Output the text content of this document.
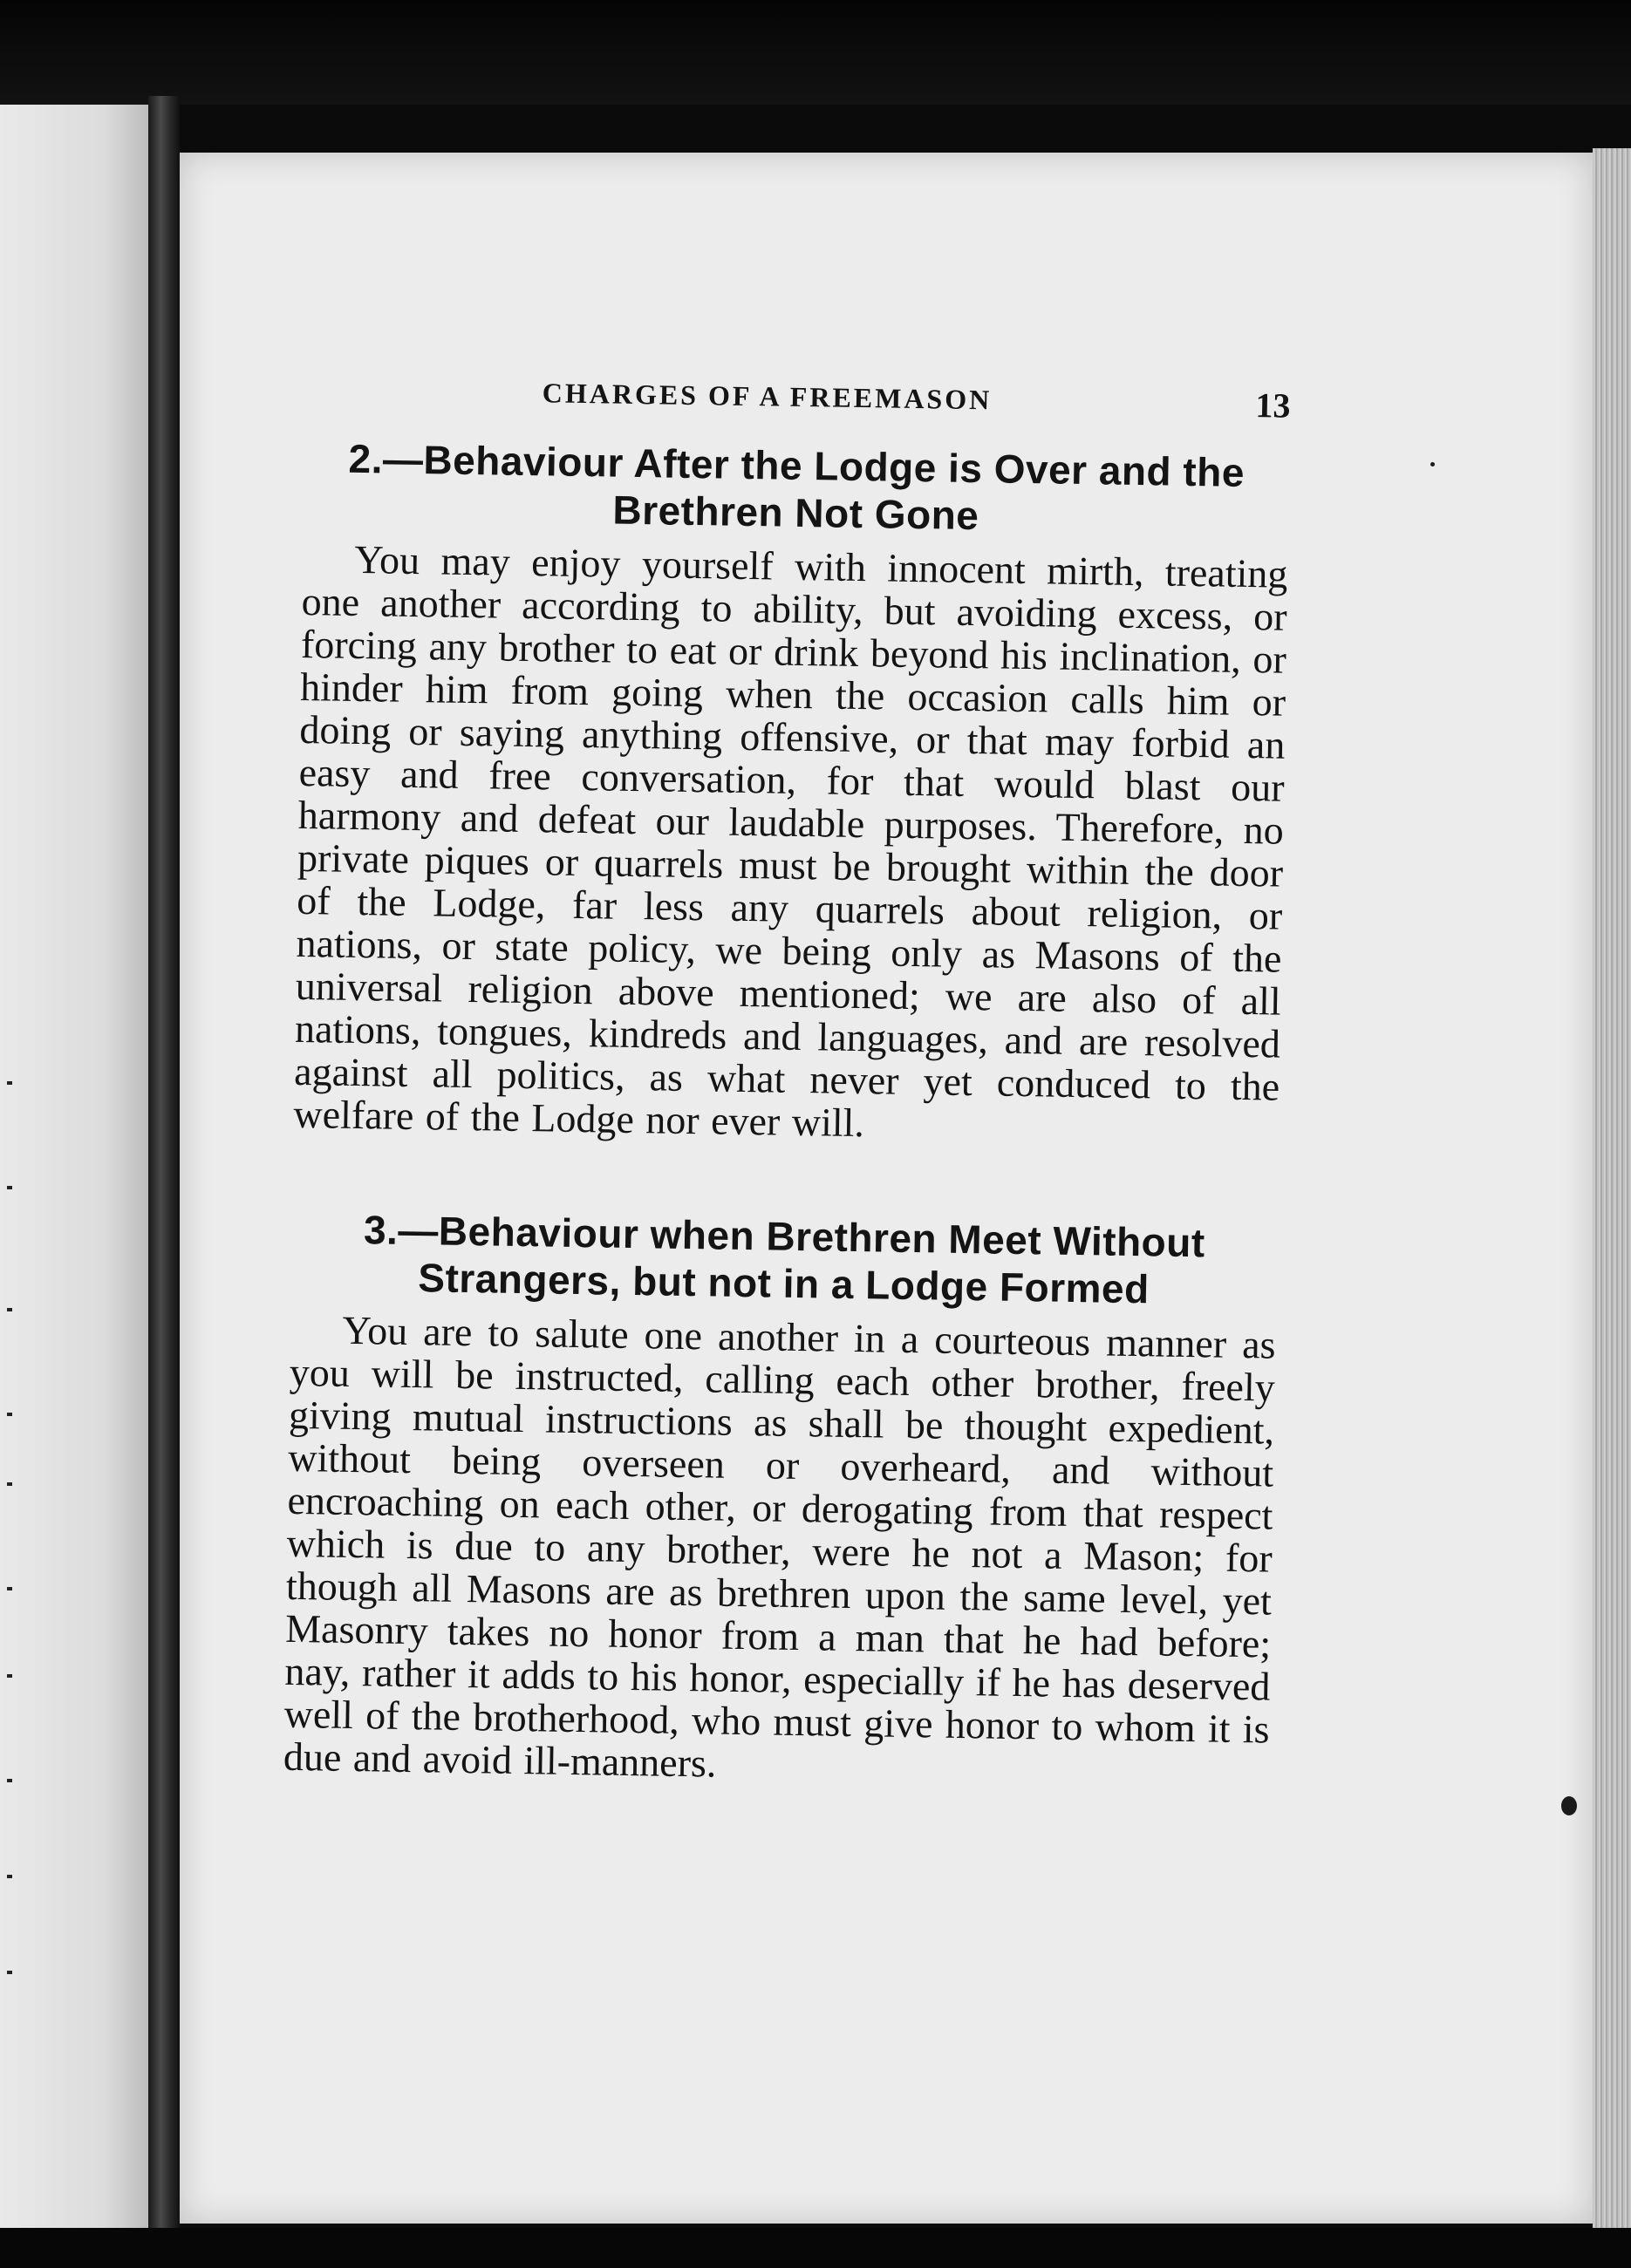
CHARGES OF A FREEMASON	13
2.—Behaviour After the Lodge is Over and the Brethren Not Gone

You may enjoy yourself with innocent mirth, treating one another according to ability, but avoiding excess, or forcing any brother to eat or drink beyond his inclination, or hinder him from going when the occasion calls him or doing or saying anything offensive, or that may forbid an easy and free conversation, for that would blast our harmony and defeat our laudable purposes. Therefore, no private piques or quarrels must be brought within the door of the Lodge, far less any quarrels about religion, or nations, or state policy, we being only as Masons of the universal religion above mentioned; we are also of all nations, tongues, kindreds and languages, and are resolved against all politics, as what never yet conduced to the welfare of the Lodge nor ever will.

3.—Behaviour when Brethren Meet Without Strangers, but not in a Lodge Formed

You are to salute one another in a courteous manner as you will be instructed, calling each other brother, freely giving mutual instructions as shall be thought expedient, without being overseen or overheard, and without encroaching on each other, or derogating from that respect which is due to any brother, were he not a Mason; for though all Masons are as brethren upon the same level, yet Masonry takes no honor from a man that he had before; nay, rather it adds to his honor, especially if he has deserved well of the brotherhood, who must give honor to whom it is due and avoid ill-manners.
